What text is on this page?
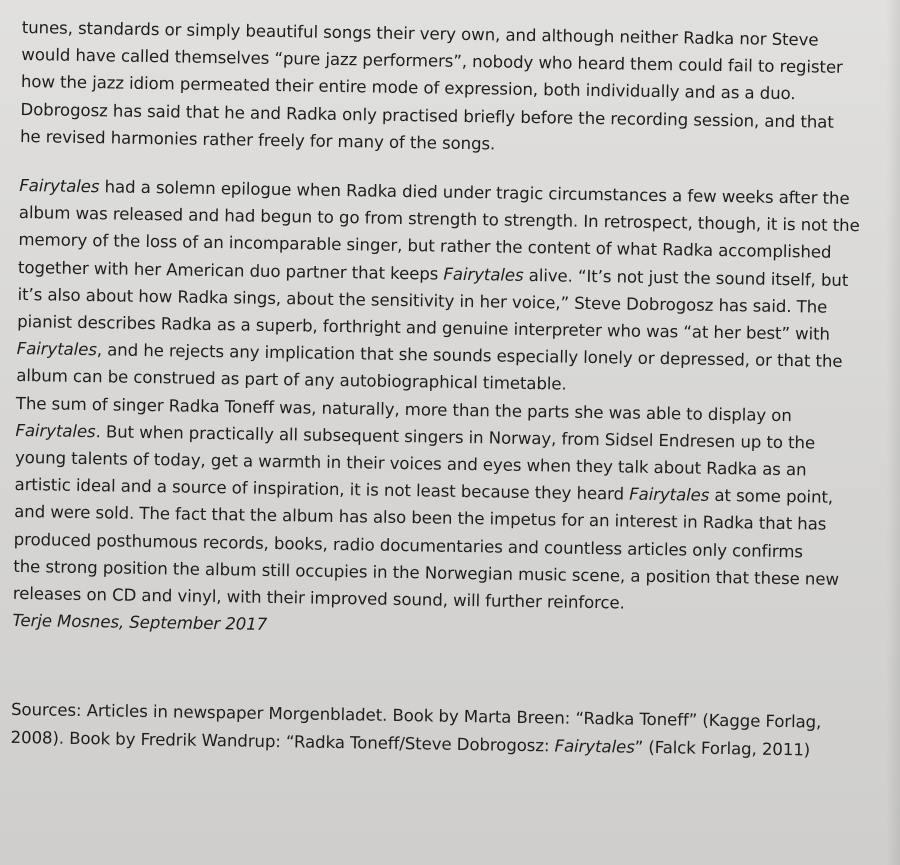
tunes, standards or simply beautiful songs their very own, and although neither Radka nor Steve
would have called themselves “pure jazz performers”, nobody who heard them could fail to register
how the jazz idiom permeated their entire mode of expression, both individually and as a duo.
Dobrogosz has said that he and Radka only practised briefly before the recording session, and that
he revised harmonies rather freely for many of the songs.

Fairytales had a solemn epilogue when Radka died under tragic circumstances a few weeks after the
album was released and had begun to go from strength to strength. In retrospect, though, it is not the
memory of the loss of an incomparable singer, but rather the content of what Radka accomplished
together with her American duo partner that keeps Fairytales alive. “It’s not just the sound itself, but
it’s also about how Radka sings, about the sensitivity in her voice,” Steve Dobrogosz has said. The
pianist describes Radka as a superb, forthright and genuine interpreter who was “at her best” with
Fairytales, and he rejects any implication that she sounds especially lonely or depressed, or that the
album can be construed as part of any autobiographical timetable.

The sum of singer Radka Toneff was, naturally, more than the parts she was able to display on
Fairytales. But when practically all subsequent singers in Norway, from Sidsel Endresen up to the
young talents of today, get a warmth in their voices and eyes when they talk about Radka as an
artistic ideal and a source of inspiration, it is not least because they heard Fairytales at some point,
and were sold. The fact that the album has also been the impetus for an interest in Radka that has
produced posthumous records, books, radio documentaries and countless articles only confirms
the strong position the album still occupies in the Norwegian music scene, a position that these new
releases on CD and vinyl, with their improved sound, will further reinforce.

Terje Mosnes, September 2017

Sources: Articles in newspaper Morgenbladet. Book by Marta Breen: “Radka Toneff” (Kagge Forlag,
2008). Book by Fredrik Wandrup: “Radka Toneff/Steve Dobrogosz: Fairytales” (Falck Forlag, 2011)
